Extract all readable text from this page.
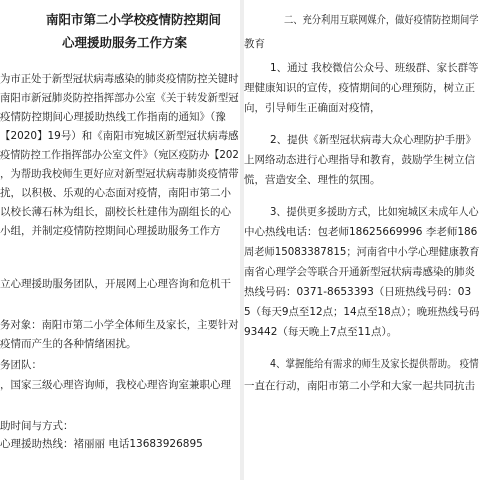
南阳市第二小学校疫情防控期间
心理援助服务工作方案
为市正处于新型冠状病毒感染的肺炎疫情防控关键时
南阳市新冠肺炎防控指挥部办公室《关于转发新型冠
疫情防控期间心理援助热线工作指南的通知》（豫
【2020】19号）和《南阳市宛城区新型冠状病毒感
疫情防控工作指挥部办公室文件》（宛区疫防办【202
，为帮助我校师生更好应对新型冠状病毒肺炎疫情带
扰，以积极、乐观的心态面对疫情，南阳市第二小
以校长薄石林为组长，副校长杜建伟为副组长的心
小组，并制定疫情防控期间心理援助服务工作方
立心理援助服务团队，开展网上心理咨询和危机干
务对象：南阳市第二小学全体师生及家长，主要针对
疫情而产生的各种情绪困扰。
务团队：
，国家三级心理咨询师，我校心理咨询室兼职心理
助时间与方式：
心理援助热线：褚丽丽 电话13683926895
二、充分利用互联网媒介，做好疫情防控期间学
教育
1、通过 我校微信公众号、班级群、家长群等
理健康知识的宣传，疫情期间的心理预防，树立正
向，引导师生正确面对疫情，
2、提供《新型冠状病毒大众心理防护手册》
上网络动态进行心理指导和教育，鼓励学生树立信
慌，营造安全、理性的氛围。
3、提供更多援助方式，比如宛城区未成年人心
中心热线电话：包老师18625669996 李老师186
周老师15083387815；河南省中小学心理健康教育
南省心理学会等联合开通新型冠状病毒感染的肺炎
热线号码：0371-8653393（日班热线号码：03
5（每天9点至12点；14点至18点）；晚班热线号码
93442（每天晚上7点至11点）。
4、掌握能给有需求的师生及家长提供帮助。 疫情
一直在行动，南阳市第二小学和大家一起共同抗击
